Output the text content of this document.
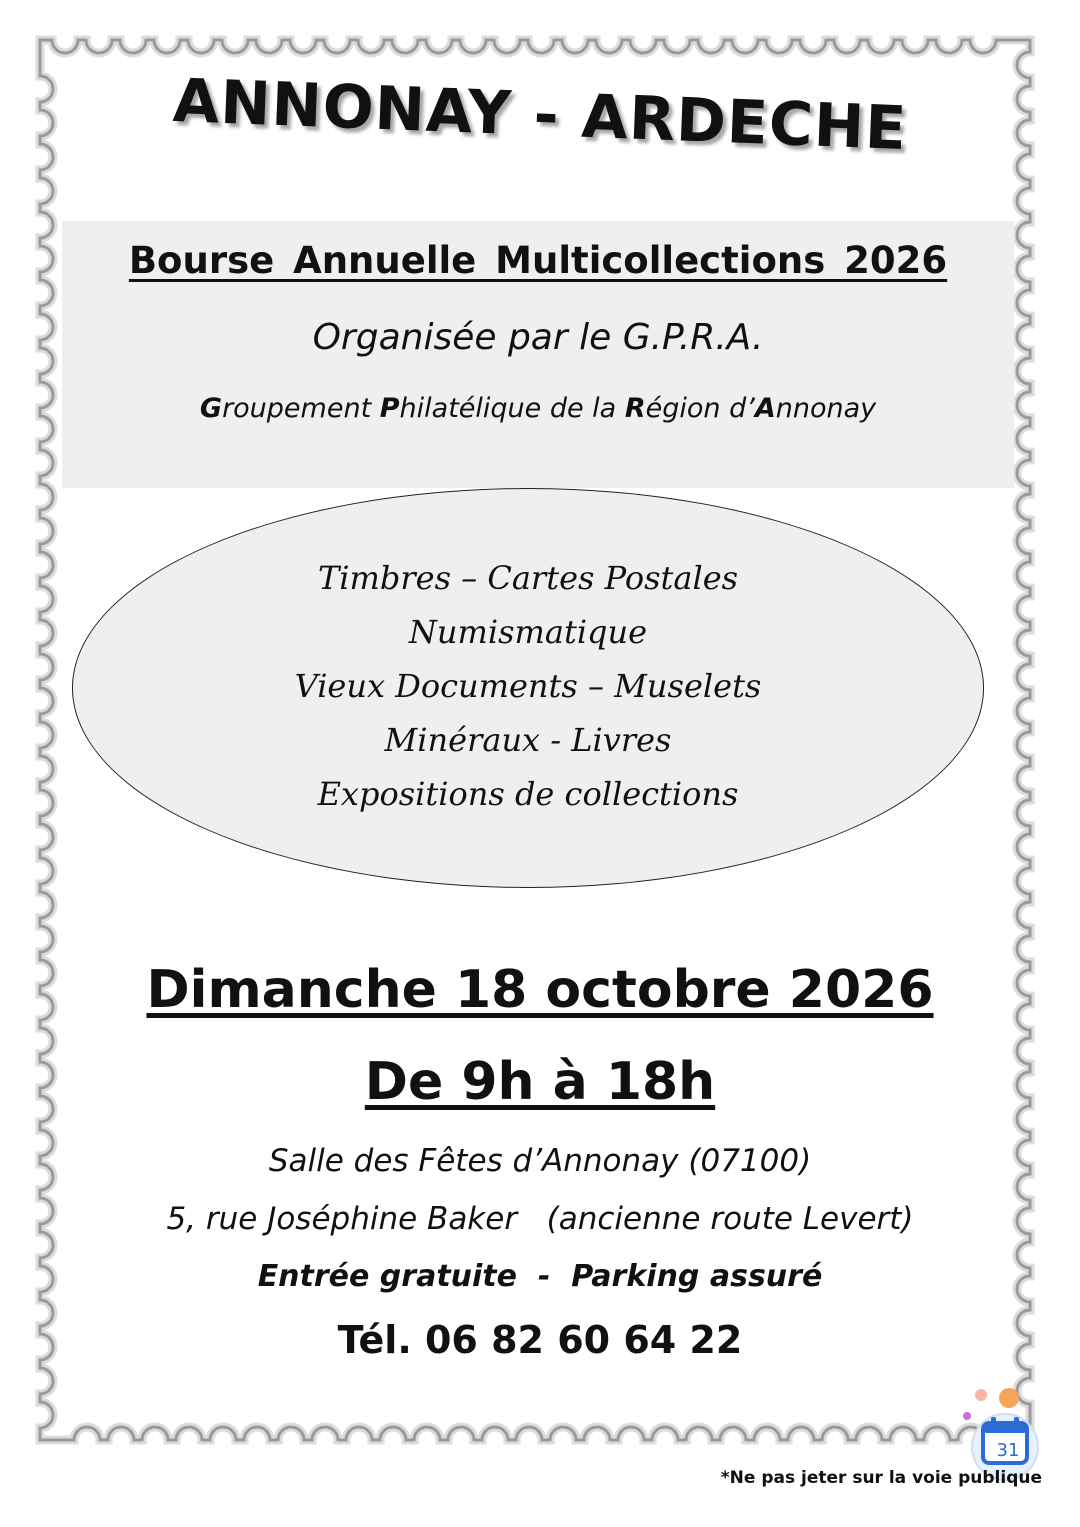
ANNONAY - ARDECHE
Bourse Annuelle Multicollections 2026
Organisée par le G.P.R.A.
Groupement Philatélique de la Région d’Annonay
Timbres – Cartes Postales
Numismatique
Vieux Documents – Muselets
Minéraux - Livres
Expositions de collections
Dimanche 18 octobre 2026
De 9h à 18h
Salle des Fêtes d’Annonay (07100)
5, rue Joséphine Baker   (ancienne route Levert)
Entrée gratuite  -  Parking assuré
Tél. 06 82 60 64 22
31
*Ne pas jeter sur la voie publique
